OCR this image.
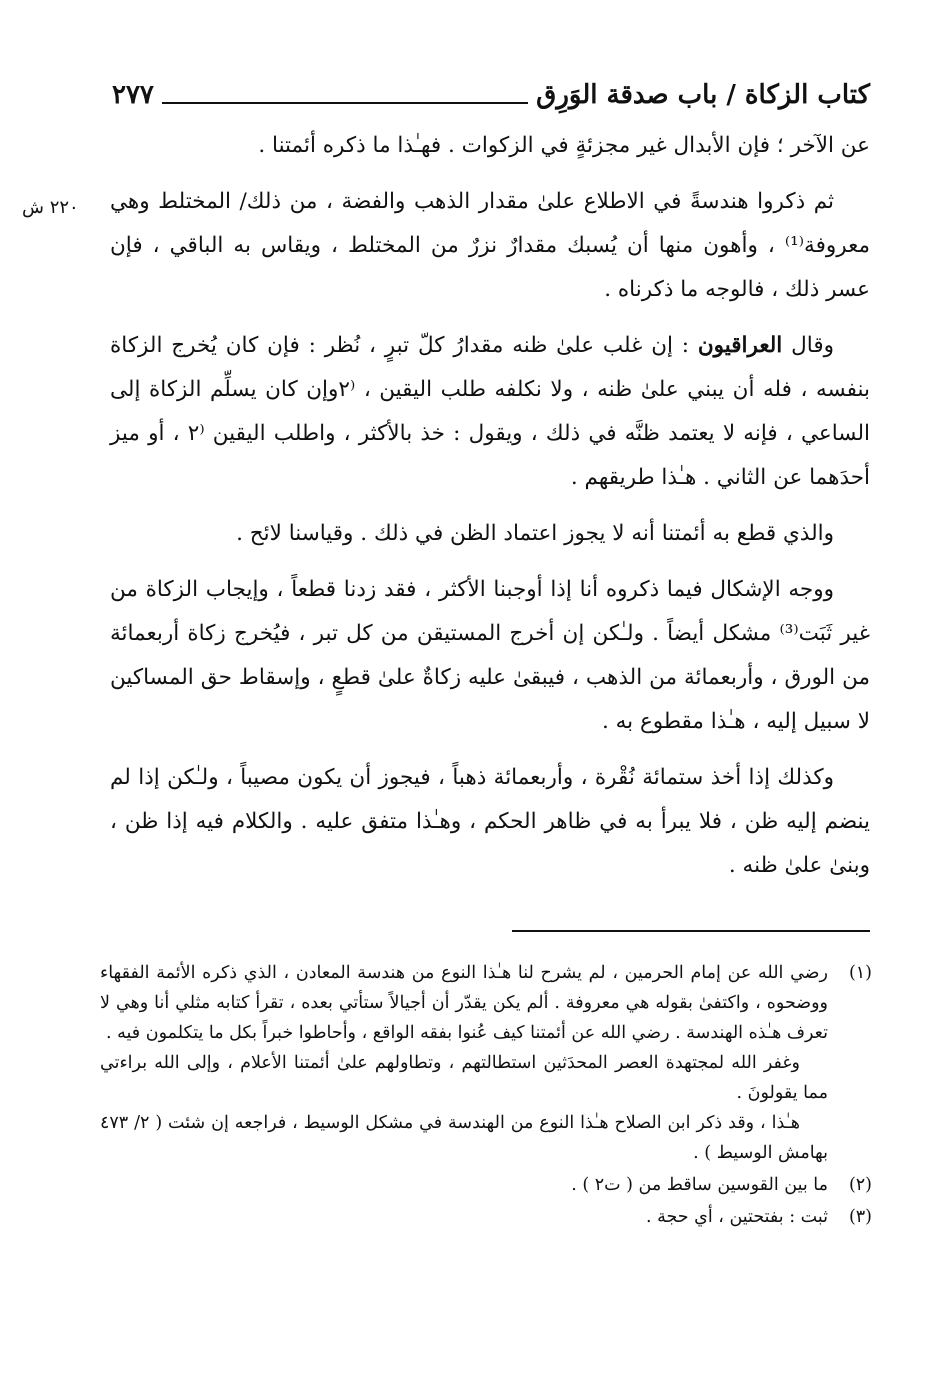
كتاب الزكاة / باب صدقة الوَرِق
٢٧٧
٢٢٠ ش

عن الآخر ؛ فإن الأبدال غير مجزئةٍ في الزكوات . فهـٰذا ما ذكره أئمتنا .

ثم ذكروا هندسةً في الاطلاع علىٰ مقدار الذهب والفضة ، من ذلك/ المختلط وهي معروفة⁽¹⁾ ، وأهون منها أن يُسبك مقدارٌ نزرٌ من المختلط ، ويقاس به الباقي ، فإن عسر ذلك ، فالوجه ما ذكرناه .

وقال العراقيون : إن غلب علىٰ ظنه مقدارُ كلّ تبرٍ ، نُظر : فإن كان يُخرج الزكاة بنفسه ، فله أن يبني علىٰ ظنه ، ولا نكلفه طلب اليقين ، ⁽٢وإن كان يسلِّم الزكاة إلى الساعي ، فإنه لا يعتمد ظنَّه في ذلك ، ويقول : خذ بالأكثر ، واطلب اليقين ⁽٢ ، أو ميز أحدَهما عن الثاني . هـٰذا طريقهم .

والذي قطع به أئمتنا أنه لا يجوز اعتماد الظن في ذلك . وقياسنا لائح .

ووجه الإشكال فيما ذكروه أنا إذا أوجبنا الأكثر ، فقد زدنا قطعاً ، وإيجاب الزكاة من غير ثَبَت⁽³⁾ مشكل أيضاً . ولـٰكن إن أخرج المستيقن من كل تبر ، فيُخرج زكاة أربعمائة من الورق ، وأربعمائة من الذهب ، فيبقىٰ عليه زكاةٌ علىٰ قطعٍ ، وإسقاط حق المساكين لا سبيل إليه ، هـٰذا مقطوع به .

وكذلك إذا أخذ ستمائة نُقْرة ، وأربعمائة ذهباً ، فيجوز أن يكون مصيباً ، ولـٰكن إذا لم ينضم إليه ظن ، فلا يبرأ به في ظاهر الحكم ، وهـٰذا متفق عليه . والكلام فيه إذا ظن ، وبنىٰ علىٰ ظنه .

(١)
رضي الله عن إمام الحرمين ، لم يشرح لنا هـٰذا النوع من هندسة المعادن ، الذي ذكره الأئمة الفقهاء ووضحوه ، واكتفىٰ بقوله هي معروفة . ألم يكن يقدّر أن أجيالاً ستأتي بعده ، تقرأ كتابه مثلي أنا وهي لا تعرف هـٰذه الهندسة . رضي الله عن أئمتنا كيف عُنوا بفقه الواقع ، وأحاطوا خبراً بكل ما يتكلمون فيه .
وغفر الله لمجتهدة العصر المحدَثين استطالتهم ، وتطاولهم علىٰ أئمتنا الأعلام ، وإلى الله براءتي مما يقولونَ .
هـٰذا ، وقد ذكر ابن الصلاح هـٰذا النوع من الهندسة في مشكل الوسيط ، فراجعه إن شئت ( ٢/ ٤٧٣ بهامش الوسيط ) .
(٢)
ما بين القوسين ساقط من ( ت٢ ) .
(٣)
ثبت : بفتحتين ، أي حجة .
